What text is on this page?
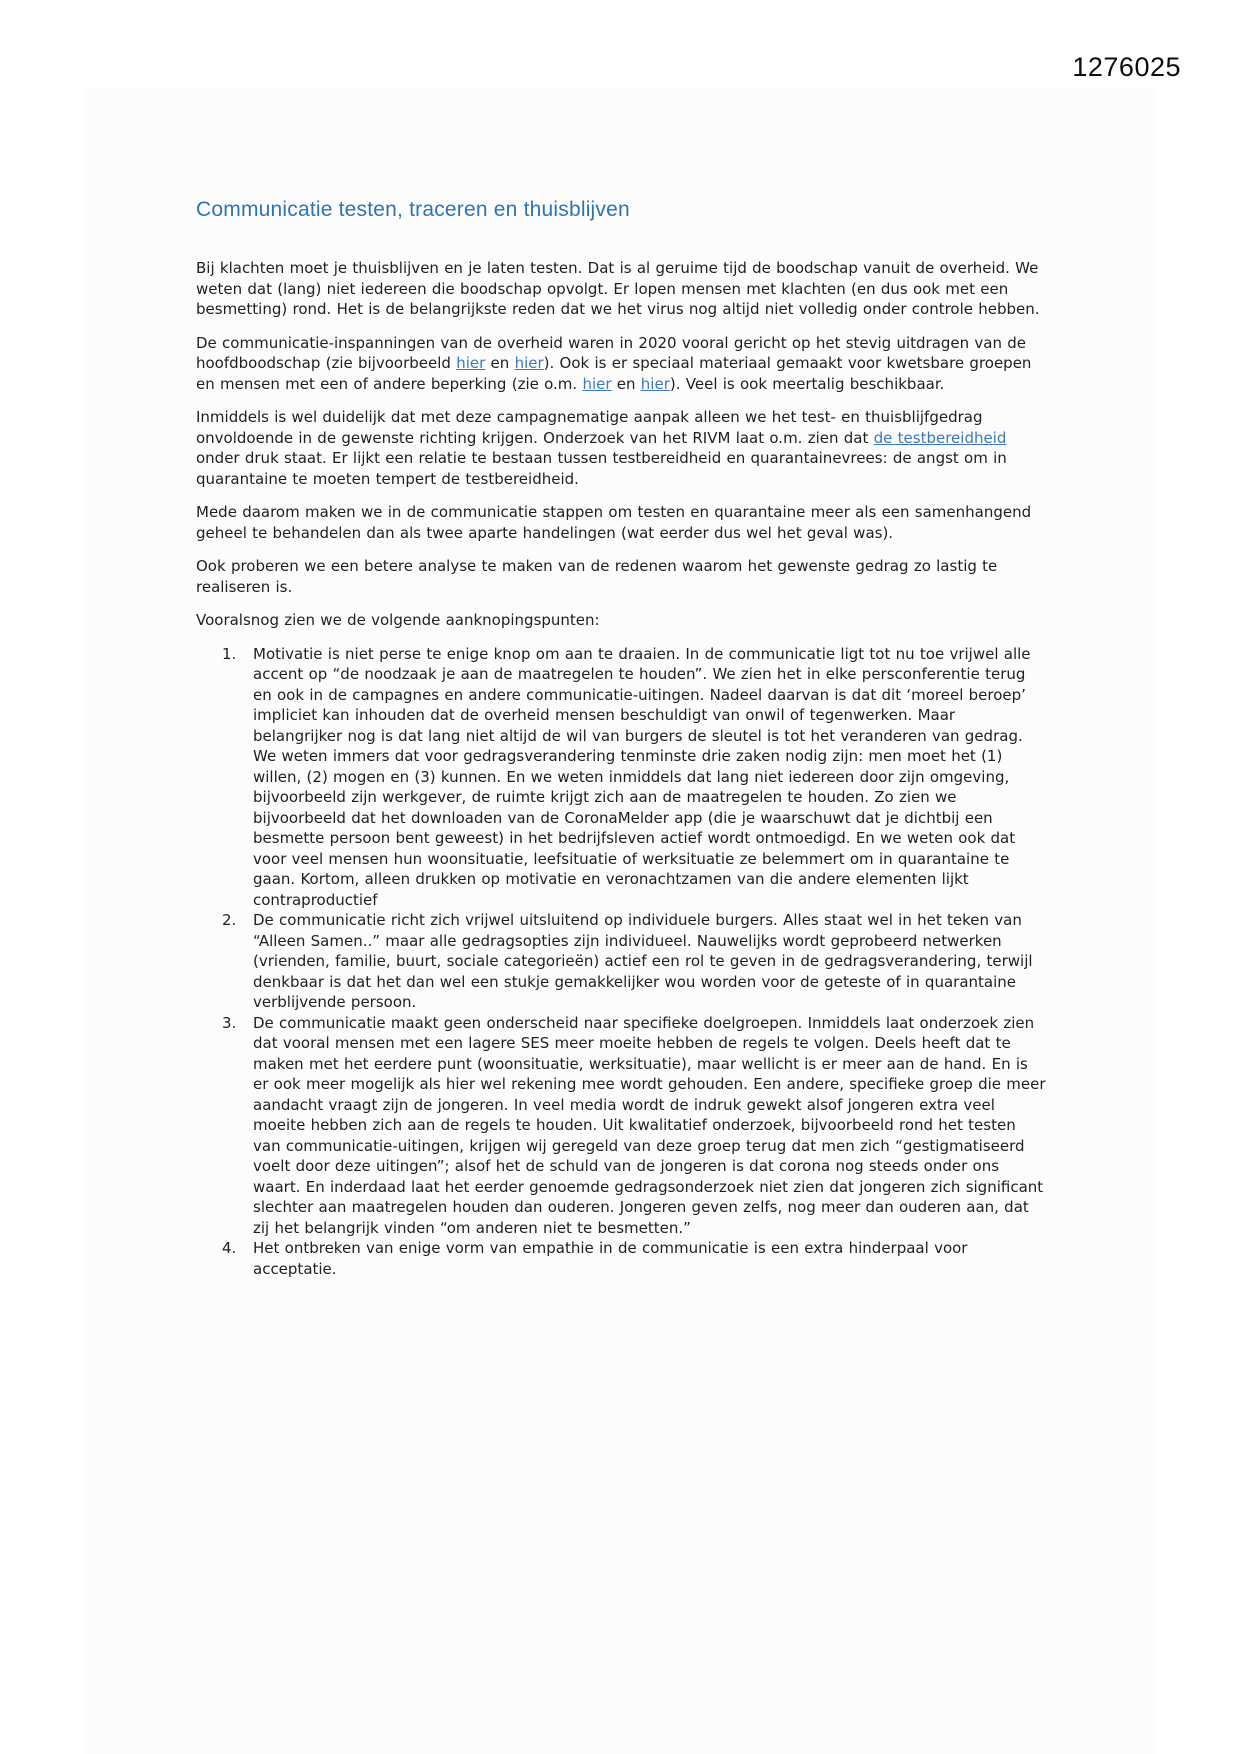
1276025
Communicatie testen, traceren en thuisblijven

Bij klachten moet je thuisblijven en je laten testen. Dat is al geruime tijd de boodschap vanuit de overheid. We weten dat (lang) niet iedereen die boodschap opvolgt. Er lopen mensen met klachten (en dus ook met een besmetting) rond. Het is de belangrijkste reden dat we het virus nog altijd niet volledig onder controle hebben.

De communicatie-inspanningen van de overheid waren in 2020 vooral gericht op het stevig uitdragen van de hoofdboodschap (zie bijvoorbeeld hier en hier). Ook is er speciaal materiaal gemaakt voor kwetsbare groepen en mensen met een of andere beperking (zie o.m. hier en hier). Veel is ook meertalig beschikbaar.

Inmiddels is wel duidelijk dat met deze campagnematige aanpak alleen we het test- en thuisblijfgedrag onvoldoende in de gewenste richting krijgen. Onderzoek van het RIVM laat o.m. zien dat de testbereidheid onder druk staat. Er lijkt een relatie te bestaan tussen testbereidheid en quarantainevrees: de angst om in quarantaine te moeten tempert de testbereidheid.

Mede daarom maken we in de communicatie stappen om testen en quarantaine meer als een samenhangend geheel te behandelen dan als twee aparte handelingen (wat eerder dus wel het geval was).

Ook proberen we een betere analyse te maken van de redenen waarom het gewenste gedrag zo lastig te realiseren is.

Vooralsnog zien we de volgende aanknopingspunten:

1.	Motivatie is niet perse te enige knop om aan te draaien. In de communicatie ligt tot nu toe vrijwel alle accent op “de noodzaak je aan de maatregelen te houden”. We zien het in elke persconferentie terug en ook in de campagnes en andere communicatie-uitingen. Nadeel daarvan is dat dit ‘moreel beroep’ impliciet kan inhouden dat de overheid mensen beschuldigt van onwil of tegenwerken. Maar belangrijker nog is dat lang niet altijd de wil van burgers de sleutel is tot het veranderen van gedrag. We weten immers dat voor gedragsverandering tenminste drie zaken nodig zijn: men moet het (1) willen, (2) mogen en (3) kunnen. En we weten inmiddels dat lang niet iedereen door zijn omgeving, bijvoorbeeld zijn werkgever, de ruimte krijgt zich aan de maatregelen te houden. Zo zien we bijvoorbeeld dat het downloaden van de CoronaMelder app (die je waarschuwt dat je dichtbij een besmette persoon bent geweest) in het bedrijfsleven actief wordt ontmoedigd. En we weten ook dat voor veel mensen hun woonsituatie, leefsituatie of werksituatie ze belemmert om in quarantaine te gaan. Kortom, alleen drukken op motivatie en veronachtzamen van die andere elementen lijkt contraproductief
2.	De communicatie richt zich vrijwel uitsluitend op individuele burgers. Alles staat wel in het teken van “Alleen Samen..” maar alle gedragsopties zijn individueel. Nauwelijks wordt geprobeerd netwerken (vrienden, familie, buurt, sociale categorieën) actief een rol te geven in de gedragsverandering, terwijl denkbaar is dat het dan wel een stukje gemakkelijker wou worden voor de geteste of in quarantaine verblijvende persoon.
3.	De communicatie maakt geen onderscheid naar specifieke doelgroepen. Inmiddels laat onderzoek zien dat vooral mensen met een lagere SES meer moeite hebben de regels te volgen. Deels heeft dat te maken met het eerdere punt (woonsituatie, werksituatie), maar wellicht is er meer aan de hand. En is er ook meer mogelijk als hier wel rekening mee wordt gehouden. Een andere, specifieke groep die meer aandacht vraagt zijn de jongeren. In veel media wordt de indruk gewekt alsof jongeren extra veel moeite hebben zich aan de regels te houden. Uit kwalitatief onderzoek, bijvoorbeeld rond het testen van communicatie-uitingen, krijgen wij geregeld van deze groep terug dat men zich “gestigmatiseerd voelt door deze uitingen”; alsof het de schuld van de jongeren is dat corona nog steeds onder ons waart. En inderdaad laat het eerder genoemde gedragsonderzoek niet zien dat jongeren zich significant slechter aan maatregelen houden dan ouderen. Jongeren geven zelfs, nog meer dan ouderen aan, dat zij het belangrijk vinden “om anderen niet te besmetten.”
4.	Het ontbreken van enige vorm van empathie in de communicatie is een extra hinderpaal voor acceptatie.
